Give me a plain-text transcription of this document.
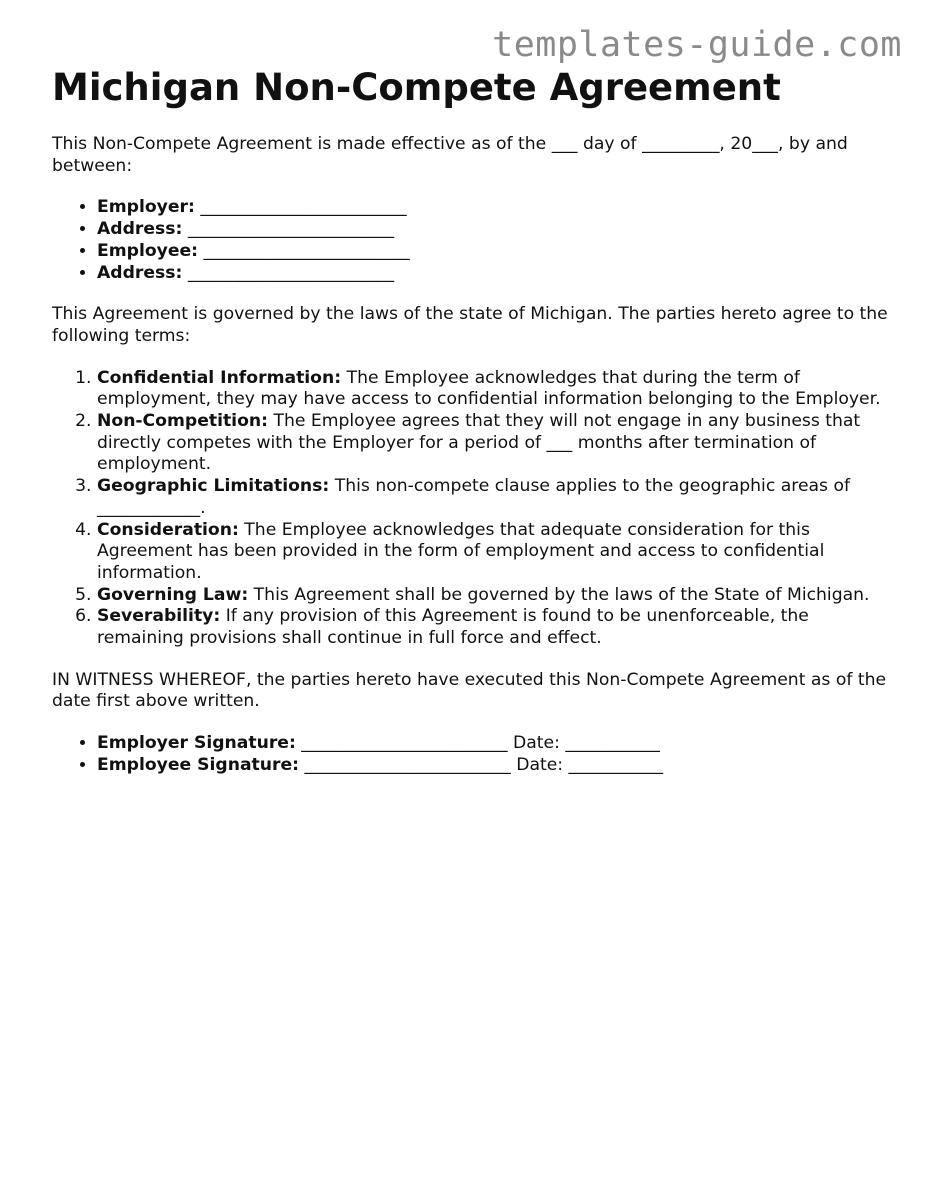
templates-guide.com
Michigan Non-Compete Agreement

This Non-Compete Agreement is made effective as of the ___ day of _________, 20___, by and between:

• Employer: ________________________
• Address: ________________________
• Employee: ________________________
• Address: ________________________

This Agreement is governed by the laws of the state of Michigan. The parties hereto agree to the following terms:

1. Confidential Information: The Employee acknowledges that during the term of employment, they may have access to confidential information belonging to the Employer.
2. Non-Competition: The Employee agrees that they will not engage in any business that directly competes with the Employer for a period of ___ months after termination of employment.
3. Geographic Limitations: This non-compete clause applies to the geographic areas of ____________.
4. Consideration: The Employee acknowledges that adequate consideration for this Agreement has been provided in the form of employment and access to confidential information.
5. Governing Law: This Agreement shall be governed by the laws of the State of Michigan.
6. Severability: If any provision of this Agreement is found to be unenforceable, the remaining provisions shall continue in full force and effect.

IN WITNESS WHEREOF, the parties hereto have executed this Non-Compete Agreement as of the date first above written.

• Employer Signature: ________________________ Date: ___________
• Employee Signature: ________________________ Date: ___________
